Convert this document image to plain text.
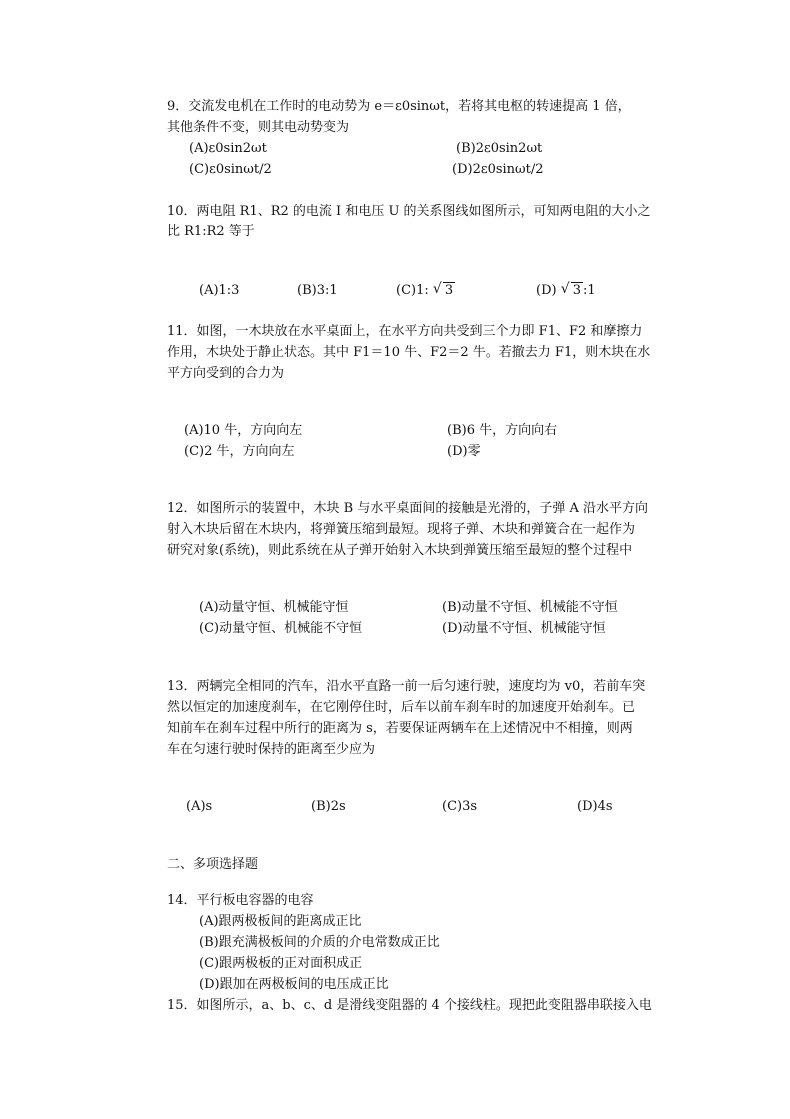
9．交流发电机在工作时的电动势为 e＝ε0sinωt，若将其电枢的转速提高 1 倍，
其他条件不变，则其电动势变为
(A)ε0sin2ωt	(B)2ε0sin2ωt
(C)ε0sinωt/2	(D)2ε0sinωt/2
10．两电阻 R1、R2 的电流 I 和电压 U 的关系图线如图所示，可知两电阻的大小之
比 R1:R2 等于
(A)1:3	(B)3:1	(C)1: √ 3	(D) √ 3 :1
11．如图，一木块放在水平桌面上，在水平方向共受到三个力即 F1、F2 和摩擦力
作用，木块处于静止状态。其中 F1＝10 牛、F2＝2 牛。若撤去力 F1，则木块在水
平方向受到的合力为
(A)10 牛，方向向左	(B)6 牛，方向向右
(C)2 牛，方向向左	(D)零
12．如图所示的装置中，木块 B 与水平桌面间的接触是光滑的，子弹 A 沿水平方向
射入木块后留在木块内，将弹簧压缩到最短。现将子弹、木块和弹簧合在一起作为
研究对象(系统)，则此系统在从子弹开始射入木块到弹簧压缩至最短的整个过程中
(A)动量守恒、机械能守恒	(B)动量不守恒、机械能不守恒
(C)动量守恒、机械能不守恒	(D)动量不守恒、机械能守恒
13．两辆完全相同的汽车，沿水平直路一前一后匀速行驶，速度均为 v0，若前车突
然以恒定的加速度刹车，在它刚停住时，后车以前车刹车时的加速度开始刹车。已
知前车在刹车过程中所行的距离为 s，若要保证两辆车在上述情况中不相撞，则两
车在匀速行驶时保持的距离至少应为
(A)s	(B)2s	(C)3s	(D)4s
二、多项选择题
14．平行板电容器的电容
(A)跟两极板间的距离成正比
(B)跟充满极板间的介质的介电常数成正比
(C)跟两极板的正对面积成正
(D)跟加在两极板间的电压成正比
15．如图所示，a、b、c、d 是滑线变阻器的 4 个接线柱。现把此变阻器串联接入电
